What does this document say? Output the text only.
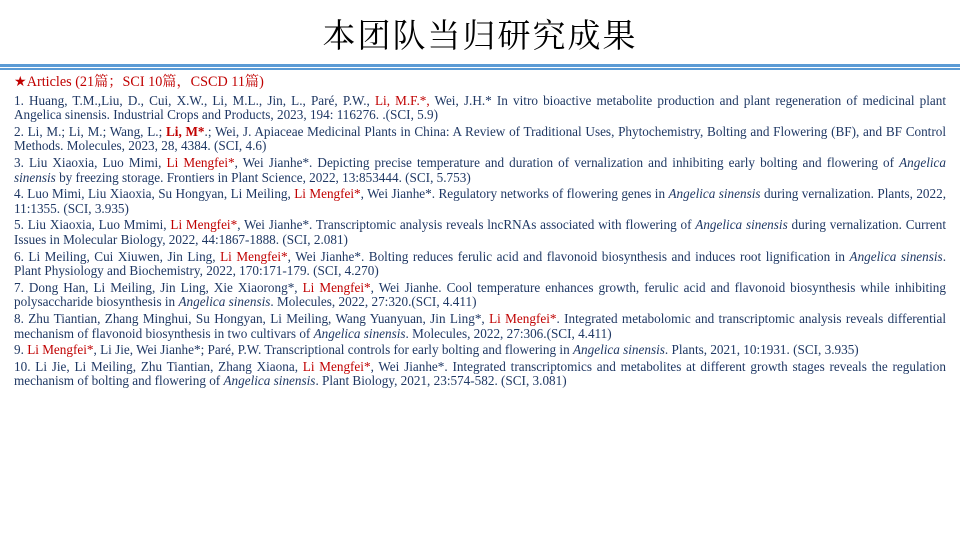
本团队当归研究成果
★Articles (21篇；SCI 10篇，CSCD 11篇)
1. Huang, T.M.,Liu, D., Cui, X.W., Li, M.L., Jin, L., Paré, P.W., Li, M.F.*, Wei, J.H.* In vitro bioactive metabolite production and plant regeneration of medicinal plant Angelica sinensis. Industrial Crops and Products, 2023, 194: 116276. .(SCI, 5.9)
2. Li, M.; Li, M.; Wang, L.; Li, M*.; Wei, J. Apiaceae Medicinal Plants in China: A Review of Traditional Uses, Phytochemistry, Bolting and Flowering (BF), and BF Control Methods. Molecules, 2023, 28, 4384. (SCI, 4.6)
3. Liu Xiaoxia, Luo Mimi, Li Mengfei*, Wei Jianhe*. Depicting precise temperature and duration of vernalization and inhibiting early bolting and flowering of Angelica sinensis by freezing storage. Frontiers in Plant Science, 2022, 13:853444. (SCI, 5.753)
4. Luo Mimi, Liu Xiaoxia, Su Hongyan, Li Meiling, Li Mengfei*, Wei Jianhe*. Regulatory networks of flowering genes in Angelica sinensis during vernalization. Plants, 2022, 11:1355. (SCI, 3.935)
5. Liu Xiaoxia, Luo Mmimi, Li Mengfei*, Wei Jianhe*. Transcriptomic analysis reveals lncRNAs associated with flowering of Angelica sinensis during vernalization. Current Issues in Molecular Biology, 2022, 44:1867-1888. (SCI, 2.081)
6. Li Meiling, Cui Xiuwen, Jin Ling, Li Mengfei*, Wei Jianhe*. Bolting reduces ferulic acid and flavonoid biosynthesis and induces root lignification in Angelica sinensis. Plant Physiology and Biochemistry, 2022, 170:171-179. (SCI, 4.270)
7. Dong Han, Li Meiling, Jin Ling, Xie Xiaorong*, Li Mengfei*, Wei Jianhe. Cool temperature enhances growth, ferulic acid and flavonoid biosynthesis while inhibiting polysaccharide biosynthesis in Angelica sinensis. Molecules, 2022, 27:320.(SCI, 4.411)
8. Zhu Tiantian, Zhang Minghui, Su Hongyan, Li Meiling, Wang Yuanyuan, Jin Ling*, Li Mengfei*. Integrated metabolomic and transcriptomic analysis reveals differential mechanism of flavonoid biosynthesis in two cultivars of Angelica sinensis. Molecules, 2022, 27:306.(SCI, 4.411)
9. Li Mengfei*, Li Jie, Wei Jianhe*; Paré, P.W. Transcriptional controls for early bolting and flowering in Angelica sinensis. Plants, 2021, 10:1931. (SCI, 3.935)
10. Li Jie, Li Meiling, Zhu Tiantian, Zhang Xiaona, Li Mengfei*, Wei Jianhe*. Integrated transcriptomics and metabolites at different growth stages reveals the regulation mechanism of bolting and flowering of Angelica sinensis. Plant Biology, 2021, 23:574-582. (SCI, 3.081)
